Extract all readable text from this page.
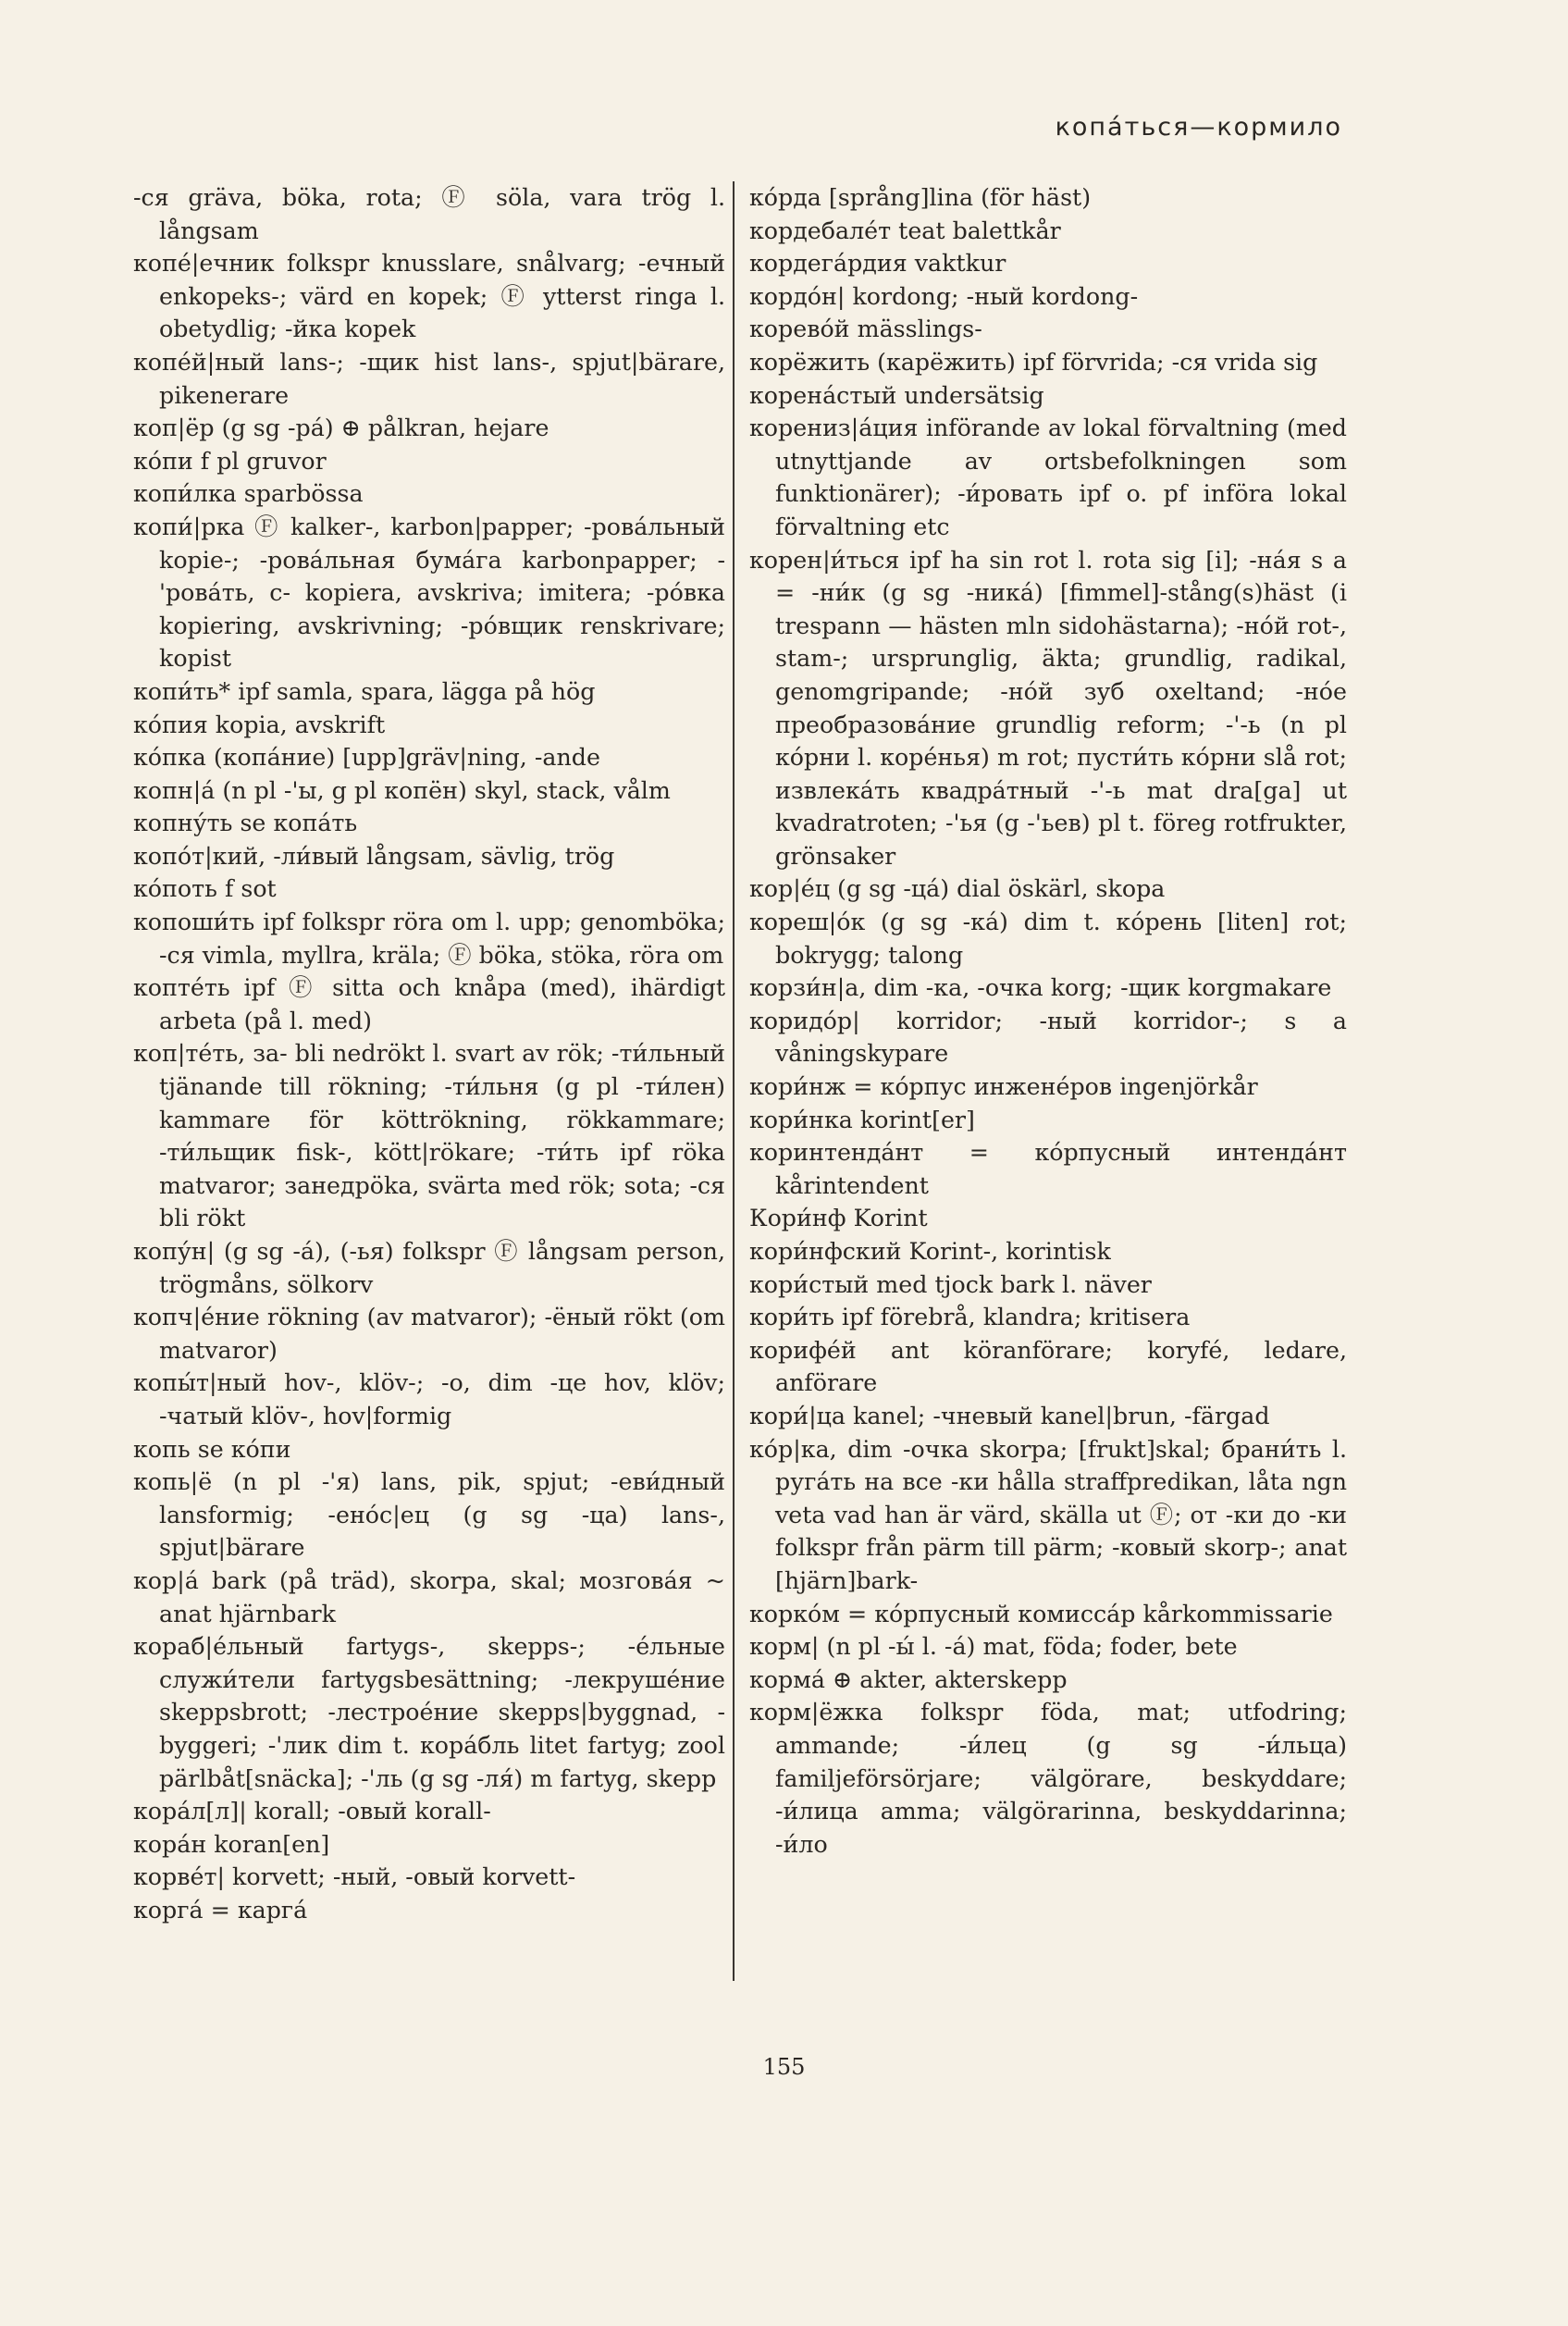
копа́ться—кормило

-ся gräva, böka, rota; Ⓕ söla, vara trög l. långsam

копе́|ечник folkspr knusslare, snålvarg; -ечный enkopeks-; värd en kopek; Ⓕ ytterst ringa l. obetydlig; -йка kopek

копе́й|ный lans-; -щик hist lans-, spjut|bärare, pikenerare

коп|ёр (g sg -pá) ⊕ pålkran, hejare

ко́пи f pl gruvor

копи́лка sparbössa

копи́|рка Ⓕ kalker-, karbon|papper; -рова́льный kopie-; -рова́льная бума́га karbonpapper; -'рова́ть, с- kopiera, avskriva; imitera; -ро́вка kopiering, avskrivning; -ро́вщик renskrivare; kopist

копи́ть* ipf samla, spara, lägga på hög

ко́пия kopia, avskrift

ко́пка (копа́ние) [upp]gräv|ning, -ande

копн|а́ (n pl -'ы, g pl копён) skyl, stack, vålm

копну́ть se копа́ть

копо́т|кий, -ли́вый långsam, sävlig, trög

ко́поть f sot

копоши́ть ipf folkspr röra om l. upp; genomböka; -ся vimla, myllra, kräla; Ⓕ böka, stöka, röra om

копте́ть ipf Ⓕ sitta och knåpa (med), ihärdigt arbeta (på l. med)

коп|те́ть, за- bli nedrökt l. svart av rök; -ти́льный tjänande till rökning; -ти́льня (g pl -ти́лен) kammare för köttrökning, rökkammare; -ти́льщик fisk-, kött|rökare; -ти́ть ipf röka matvaror; занедрöka, svärta med rök; sota; -ся bli rökt

копу́н| (g sg -á), (-ья) folkspr Ⓕ långsam person, trögmåns, sölkorv

копч|е́ние rökning (av matvaror); -ёный rökt (om matvaror)

копы́т|ный hov-, klöv-; -о, dim -це hov, klöv; -чатый klöv-, hov|formig

копь se ко́пи

копь|ё (n pl -'я) lans, pik, spjut; -еви́дный lansformig; -енóс|ец (g sg -ца) lans-, spjut|bärare

кор|á bark (på träd), skorpa, skal; мозгова́я ~ anat hjärnbark

кораб|е́льный fartygs-, skepps-; -е́льные служи́тели fartygsbesättning; -лекруше́ние skeppsbrott; -лестрое́ние skepps|byggnad, -byggeri; -'лик dim t. кора́бль litet fartyg; zool pärlbåt[snäcka]; -'ль (g sg -ля́) m fartyg, skepp

кора́л[л]| korall; -овый korall-

кора́н koran[en]

корве́т| korvett; -ный, -овый korvett-

корга́ = карга́

ко́рда [språng]lina (för häst)

кордебале́т teat balettkår

кордега́рдия vaktkur

кордо́н| kordong; -ный kordong-

корево́й mässlings-

корёжить (карёжить) ipf förvrida; -ся vrida sig

корена́стый undersätsig

корениз|а́ция införande av lokal förvaltning (med utnyttjande av ortsbefolkningen som funktionärer); -и́ровать ipf o. pf införa lokal förvaltning etc

корен|и́ться ipf ha sin rot l. rota sig [i]; -на́я s a = -ни́к (g sg -ника́) [fimmel]-stång(s)häst (i trespann — hästen mln sidohästarna); -но́й rot-, stam-; ursprunglig, äkta; grundlig, radikal, genomgripande; -но́й зуб oxeltand; -но́е преобразова́ние grundlig reform; -'-ь (n pl ко́рни l. коре́нья) m rot; пусти́ть ко́рни slå rot; извлека́ть квадра́тный -'-ь mat dra[ga] ut kvadratroten; -'ья (g -'ьев) pl t. föreg rotfrukter, grönsaker

кор|е́ц (g sg -ца́) dial öskärl, skopa

кореш|о́к (g sg -ка́) dim t. ко́рень [liten] rot; bokrygg; talong

корзи́н|а, dim -ка, -очка korg; -щик korgmakare

коридо́р| korridor; -ный korridor-; s a våningskypare

кори́нж = ко́рпус инжене́ров ingenjörkår

кори́нка korint[er]

коринтенда́нт = ко́рпусный интенда́нт kårintendent

Кори́нф Korint

кори́нфский Korint-, korintisk

кори́стый med tjock bark l. näver

кори́ть ipf förebrå, klandra; kritisera

корифе́й ant köranförare; koryfé, ledare, anförare

кори́|ца kanel; -чневый kanel|brun, -färgad

ко́р|ка, dim -очка skorpa; [frukt]skal; брани́ть l. руга́ть на все -ки hålla straffpredikan, låta ngn veta vad han är värd, skälla ut Ⓕ; от -ки до -ки folkspr från pärm till pärm; -ковый skorp-; anat [hjärn]bark-

корко́м = ко́рпусный комисса́р kårkommissarie

корм| (n pl -ы́ l. -á) mat, föda; foder, bete

корма́ ⊕ akter, akterskepp

корм|ёжка folkspr föda, mat; utfodring; ammande; -и́лец (g sg -и́льца) familjeförsörjare; välgörare, beskyddare; -и́лица amma; välgörarinna, beskyddarinna; -и́ло

155
